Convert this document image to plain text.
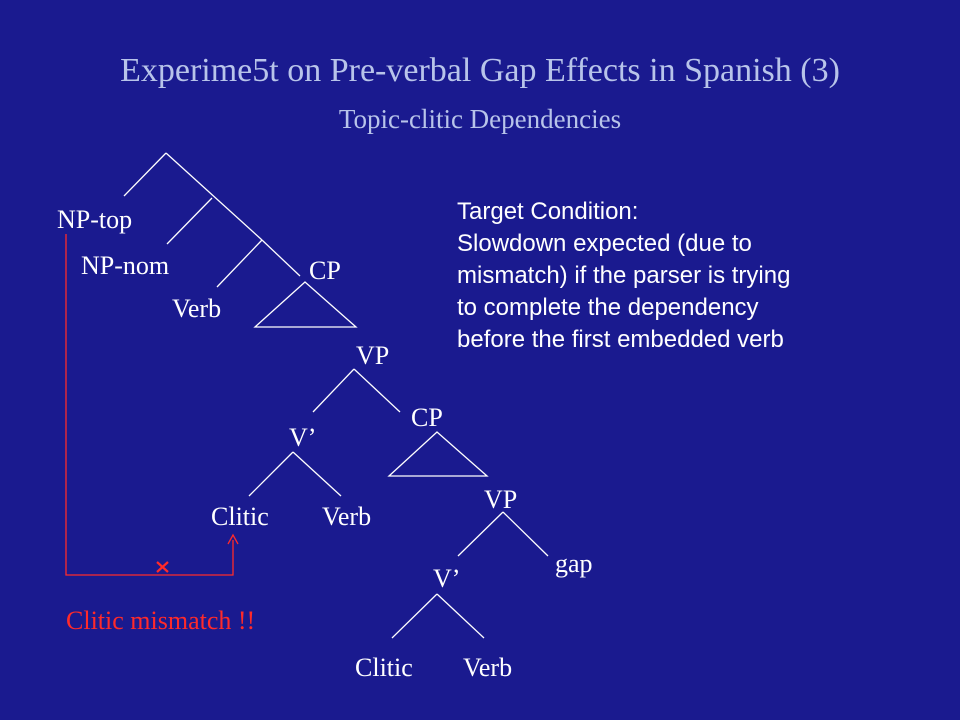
Experime5t on Pre-verbal Gap Effects in Spanish (3)
Topic-clitic Dependencies
NP-top
NP-nom
Verb
CP
VP
V’
CP
Clitic Verb
VP
gap
V’
Clitic Verb
Target Condition:
Slowdown expected (due to
mismatch) if the parser is trying
to complete the dependency
before the first embedded verb
Clitic mismatch !!
